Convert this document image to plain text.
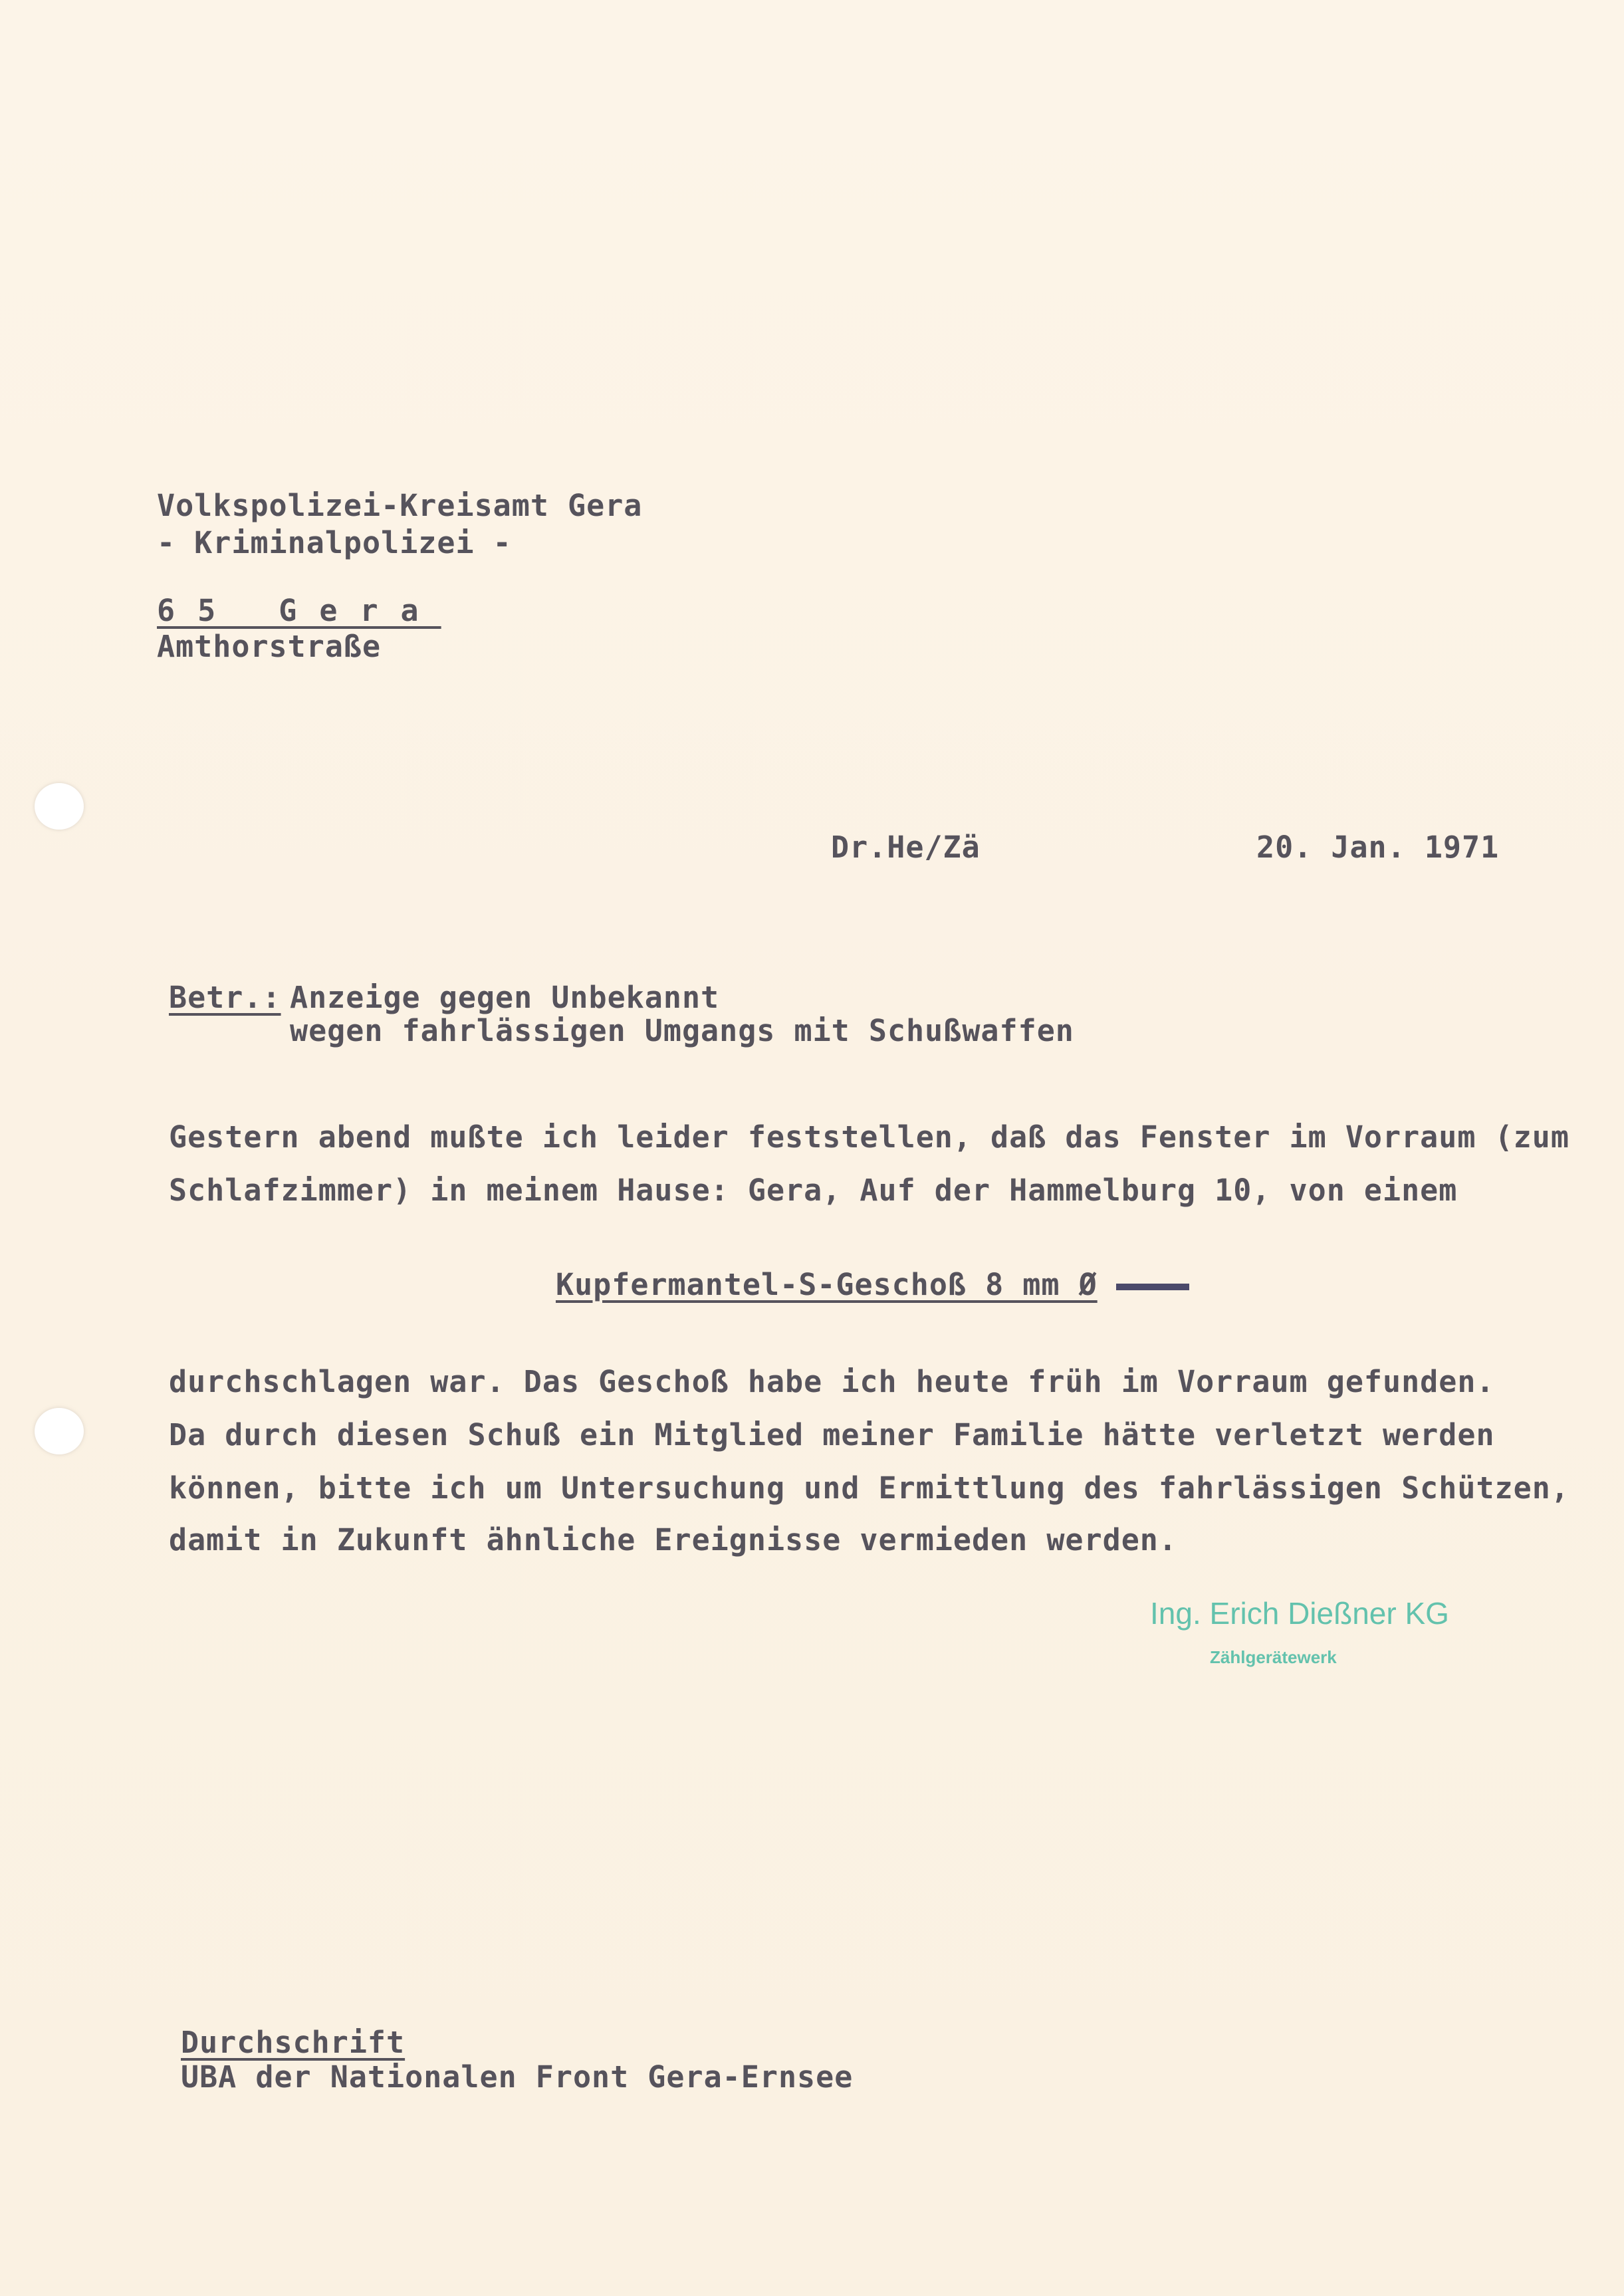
Volkspolizei-Kreisamt Gera
- Kriminalpolizei -
65 Gera
Amthorstraße
Dr.He/Zä	20. Jan. 1971
Betr.: Anzeige gegen Unbekannt
wegen fahrlässigen Umgangs mit Schußwaffen
Gestern abend mußte ich leider feststellen, daß das Fenster im Vorraum (zum
Schlafzimmer) in meinem Hause: Gera, Auf der Hammelburg 10, von einem
Kupfermantel-S-Geschoß 8 mm Ø
durchschlagen war. Das Geschoß habe ich heute früh im Vorraum gefunden.
Da durch diesen Schuß ein Mitglied meiner Familie hätte verletzt werden
können, bitte ich um Untersuchung und Ermittlung des fahrlässigen Schützen,
damit in Zukunft ähnliche Ereignisse vermieden werden.
Ing. Erich Dießner KG
Zählgerätewerk
Durchschrift
UBA der Nationalen Front Gera-Ernsee
